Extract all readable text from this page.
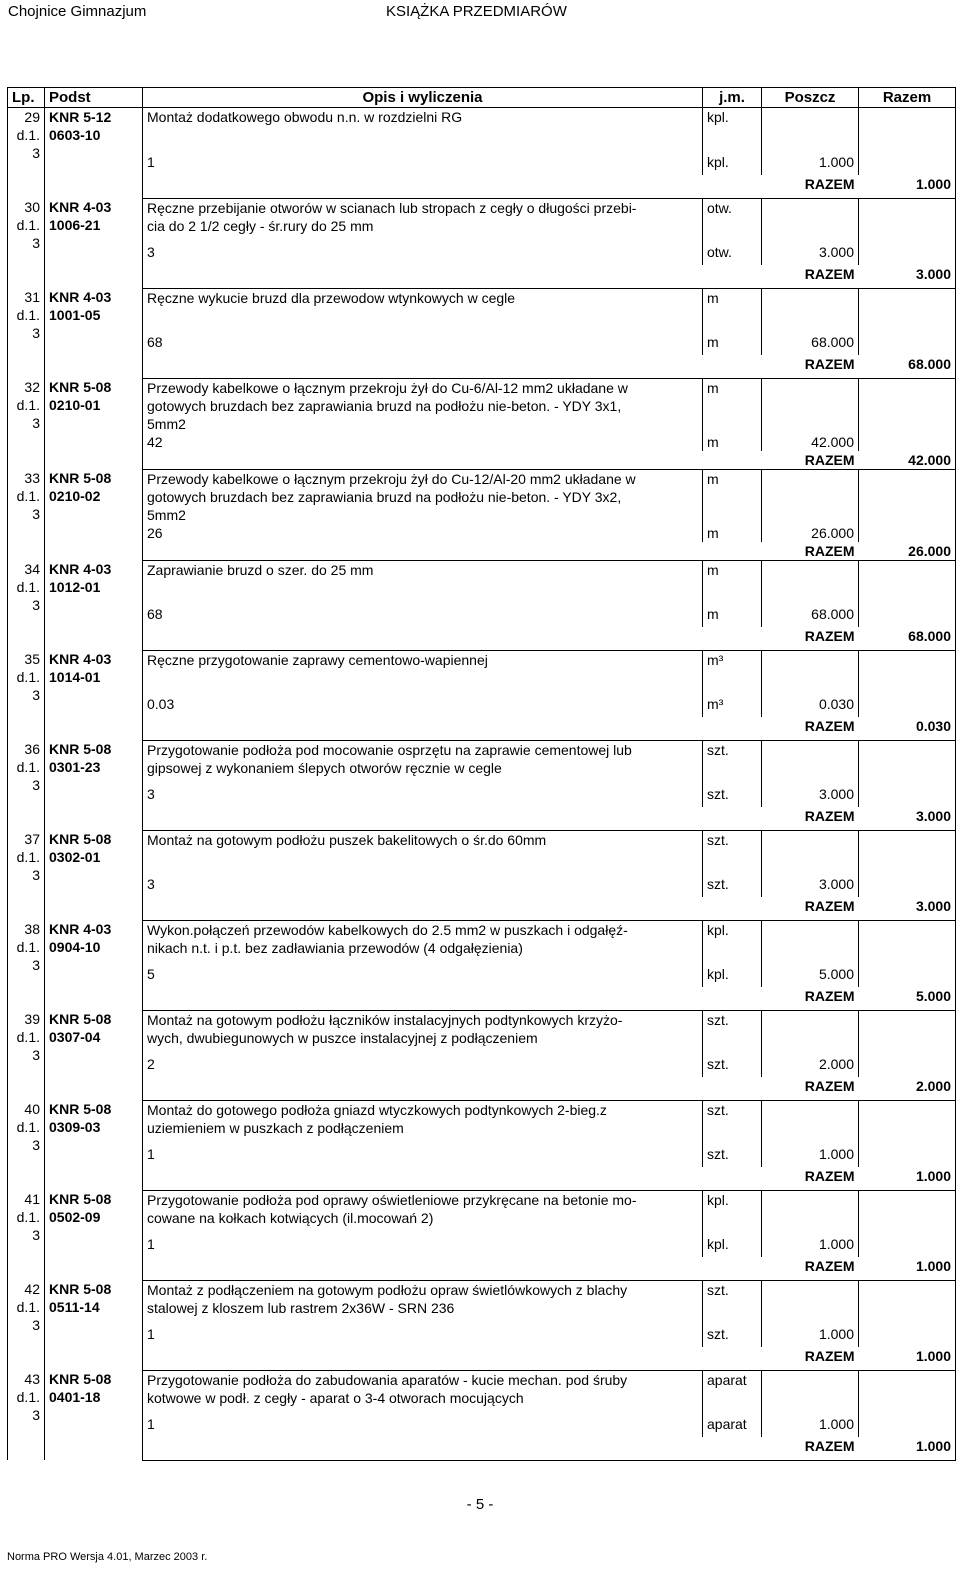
Chojnice Gimnazjum	KSIĄŻKA PRZEDMIARÓW
Lp.	Podst	Opis i wyliczenia	j.m.	Poszcz	Razem

29
d.1.
3	KNR 5-12
0603-10	Montaż dodatkowego obwodu n.n. w rozdzielni RG	kpl.		

		1	kpl.	1.000	

			RAZEM		1.000

30
d.1.
3	KNR 4-03
1006-21	Ręczne przebijanie otworów w scianach lub stropach z cegły o długości przebi-
cia do 2 1/2 cegły - śr.rury do 25 mm	otw.		

		3	otw.	3.000	

			RAZEM		3.000

31
d.1.
3	KNR 4-03
1001-05	Ręczne wykucie bruzd dla przewodow wtynkowych w cegle	m		

		68	m	68.000	

			RAZEM		68.000

32
d.1.
3	KNR 5-08
0210-01	Przewody kabelkowe o łącznym przekroju żył do Cu-6/Al-12 mm2 układane w
gotowych bruzdach bez zaprawiania bruzd na podłożu nie-beton. - YDY 3x1,
5mm2	m		

		42	m	42.000	

			RAZEM		42.000

33
d.1.
3	KNR 5-08
0210-02	Przewody kabelkowe o łącznym przekroju żył do Cu-12/Al-20 mm2 układane w
gotowych bruzdach bez zaprawiania bruzd na podłożu nie-beton. - YDY 3x2,
5mm2	m		

		26	m	26.000	

			RAZEM		26.000

34
d.1.
3	KNR 4-03
1012-01	Zaprawianie bruzd o szer. do 25 mm	m		

		68	m	68.000	

			RAZEM		68.000

35
d.1.
3	KNR 4-03
1014-01	Ręczne przygotowanie zaprawy cementowo-wapiennej	m³		

		0.03	m³	0.030	

			RAZEM		0.030

36
d.1.
3	KNR 5-08
0301-23	Przygotowanie podłoża pod mocowanie osprzętu na zaprawie cementowej lub
gipsowej z wykonaniem ślepych otworów ręcznie w cegle	szt.		

		3	szt.	3.000	

			RAZEM		3.000

37
d.1.
3	KNR 5-08
0302-01	Montaż na gotowym podłożu puszek bakelitowych o śr.do 60mm	szt.		

		3	szt.	3.000	

			RAZEM		3.000

38
d.1.
3	KNR 4-03
0904-10	Wykon.połączeń przewodów kabelkowych do 2.5 mm2 w puszkach i odgałęź-
nikach n.t. i p.t. bez zadławiania przewodów (4 odgałęzienia)	kpl.		

		5	kpl.	5.000	

			RAZEM		5.000

39
d.1.
3	KNR 5-08
0307-04	Montaż na gotowym podłożu łączników instalacyjnych podtynkowych krzyżo-
wych, dwubiegunowych w puszce instalacyjnej z podłączeniem	szt.		

		2	szt.	2.000	

			RAZEM		2.000

40
d.1.
3	KNR 5-08
0309-03	Montaż do gotowego podłoża gniazd wtyczkowych podtynkowych 2-bieg.z
uziemieniem w puszkach z podłączeniem	szt.		

		1	szt.	1.000	

			RAZEM		1.000

41
d.1.
3	KNR 5-08
0502-09	Przygotowanie podłoża pod oprawy oświetleniowe przykręcane na betonie mo-
cowane na kołkach kotwiących (il.mocowań 2)	kpl.		

		1	kpl.	1.000	

			RAZEM		1.000

42
d.1.
3	KNR 5-08
0511-14	Montaż z podłączeniem na gotowym podłożu opraw świetlówkowych z blachy
stalowej z kloszem lub rastrem 2x36W - SRN 236	szt.		

		1	szt.	1.000	

			RAZEM		1.000

43
d.1.
3	KNR 5-08
0401-18	Przygotowanie podłoża do zabudowania aparatów - kucie mechan. pod śruby
kotwowe w podł. z cegły - aparat o 3-4 otworach mocujących	aparat		

		1	aparat	1.000	

			RAZEM		1.000
- 5 -
Norma PRO Wersja 4.01, Marzec 2003 r.
